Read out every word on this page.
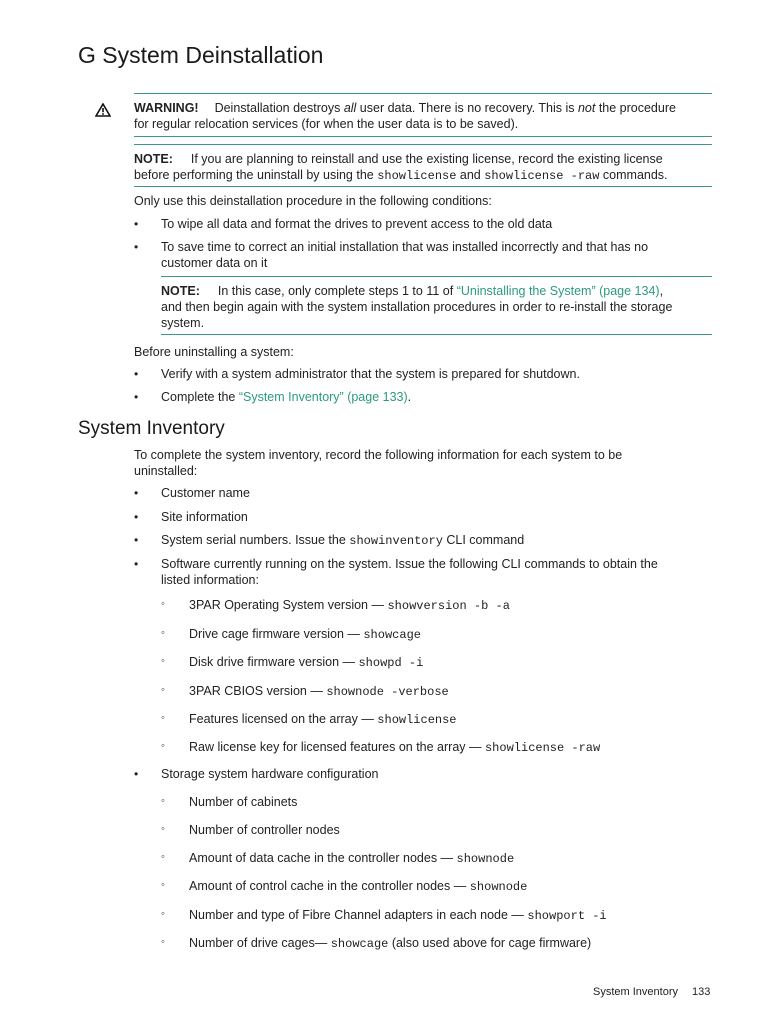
G System Deinstallation
WARNING! Deinstallation destroys all user data. There is no recovery. This is not the procedure
for regular relocation services (for when the user data is to be saved).
NOTE: If you are planning to reinstall and use the existing license, record the existing license
before performing the uninstall by using the showlicense and showlicense -raw commands.
Only use this deinstallation procedure in the following conditions:
• To wipe all data and format the drives to prevent access to the old data
• To save time to correct an initial installation that was installed incorrectly and that has no
customer data on it
NOTE: In this case, only complete steps 1 to 11 of “Uninstalling the System” (page 134),
and then begin again with the system installation procedures in order to re-install the storage
system.
Before uninstalling a system:
• Verify with a system administrator that the system is prepared for shutdown.
• Complete the “System Inventory” (page 133).
System Inventory
To complete the system inventory, record the following information for each system to be
uninstalled:
• Customer name
• Site information
• System serial numbers. Issue the showinventory CLI command
• Software currently running on the system. Issue the following CLI commands to obtain the
listed information:
◦ 3PAR Operating System version — showversion -b -a
◦ Drive cage firmware version — showcage
◦ Disk drive firmware version — showpd -i
◦ 3PAR CBIOS version — shownode -verbose
◦ Features licensed on the array — showlicense
◦ Raw license key for licensed features on the array — showlicense -raw
• Storage system hardware configuration
◦ Number of cabinets
◦ Number of controller nodes
◦ Amount of data cache in the controller nodes — shownode
◦ Amount of control cache in the controller nodes — shownode
◦ Number and type of Fibre Channel adapters in each node — showport -i
◦ Number of drive cages— showcage (also used above for cage firmware)
System Inventory 133
